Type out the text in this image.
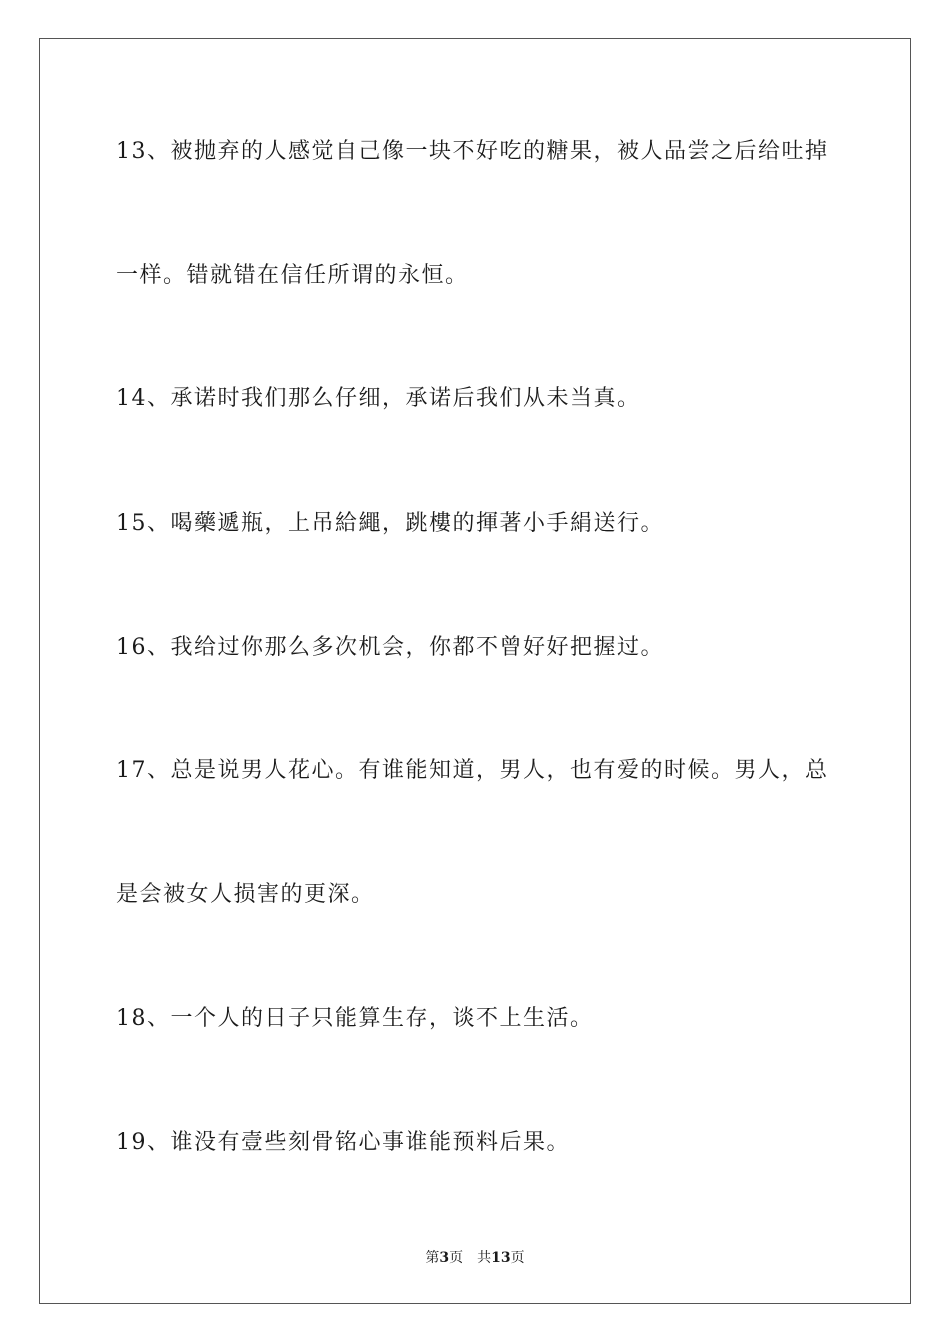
13、被抛弃的人感觉自己像一块不好吃的糖果，被人品尝之后给吐掉
一样。错就错在信任所谓的永恒。
14、承诺时我们那么仔细，承诺后我们从未当真。
15、喝藥遞瓶，上吊給繩，跳樓的揮著小手絹送行。
16、我给过你那么多次机会，你都不曾好好把握过。
17、总是说男人花心。有谁能知道，男人，也有爱的时候。男人，总
是会被女人损害的更深。
18、一个人的日子只能算生存，谈不上生活。
19、谁没有壹些刻骨铭心事谁能预料后果。
第3页 共13页
